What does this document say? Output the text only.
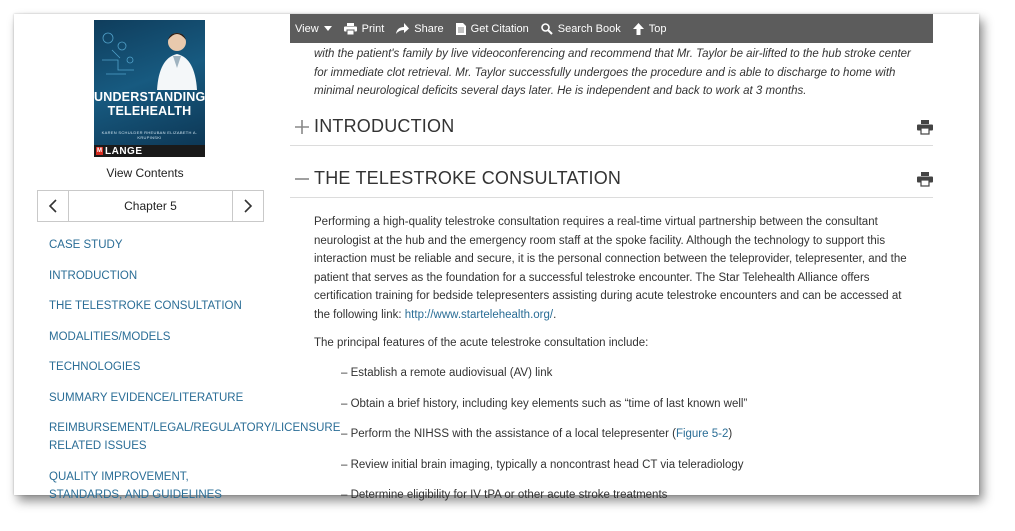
UNDERSTANDING
TELEHEALTH
KAREN SCHULDER RHEUBAN ELIZABETH A. KRUPINSKI
M LANGE
View Contents
Chapter 5
CASE STUDY
INTRODUCTION
THE TELESTROKE CONSULTATION
MODALITIES/MODELS
TECHNOLOGIES
SUMMARY EVIDENCE/LITERATURE
REIMBURSEMENT/LEGAL/REGULATORY/LICENSURE RELATED ISSUES
QUALITY IMPROVEMENT, STANDARDS, AND GUIDELINES
View	Print	Share Get Citation	Search Book	Top

with the patient's family by live videoconferencing and recommend that Mr. Taylor be air-lifted to the hub stroke center for immediate clot retrieval. Mr. Taylor successfully undergoes the procedure and is able to discharge to home with minimal neurological deficits several days later. He is independent and back to work at 3 months.

INTRODUCTION
THE TELESTROKE CONSULTATION

Performing a high-quality telestroke consultation requires a real-time virtual partnership between the consultant neurologist at the hub and the emergency room staff at the spoke facility. Although the technology to support this interaction must be reliable and secure, it is the personal connection between the teleprovider, telepresenter, and the patient that serves as the foundation for a successful telestroke encounter. The Star Telehealth Alliance offers certification training for bedside telepresenters assisting during acute telestroke encounters and can be accessed at the following link: http://www.startelehealth.org/.

The principal features of the acute telestroke consultation include:

– Establish a remote audiovisual (AV) link
– Obtain a brief history, including key elements such as “time of last known well”
– Perform the NIHSS with the assistance of a local telepresenter (Figure 5-2)
– Review initial brain imaging, typically a noncontrast head CT via teleradiology
– Determine eligibility for IV tPA or other acute stroke treatments
